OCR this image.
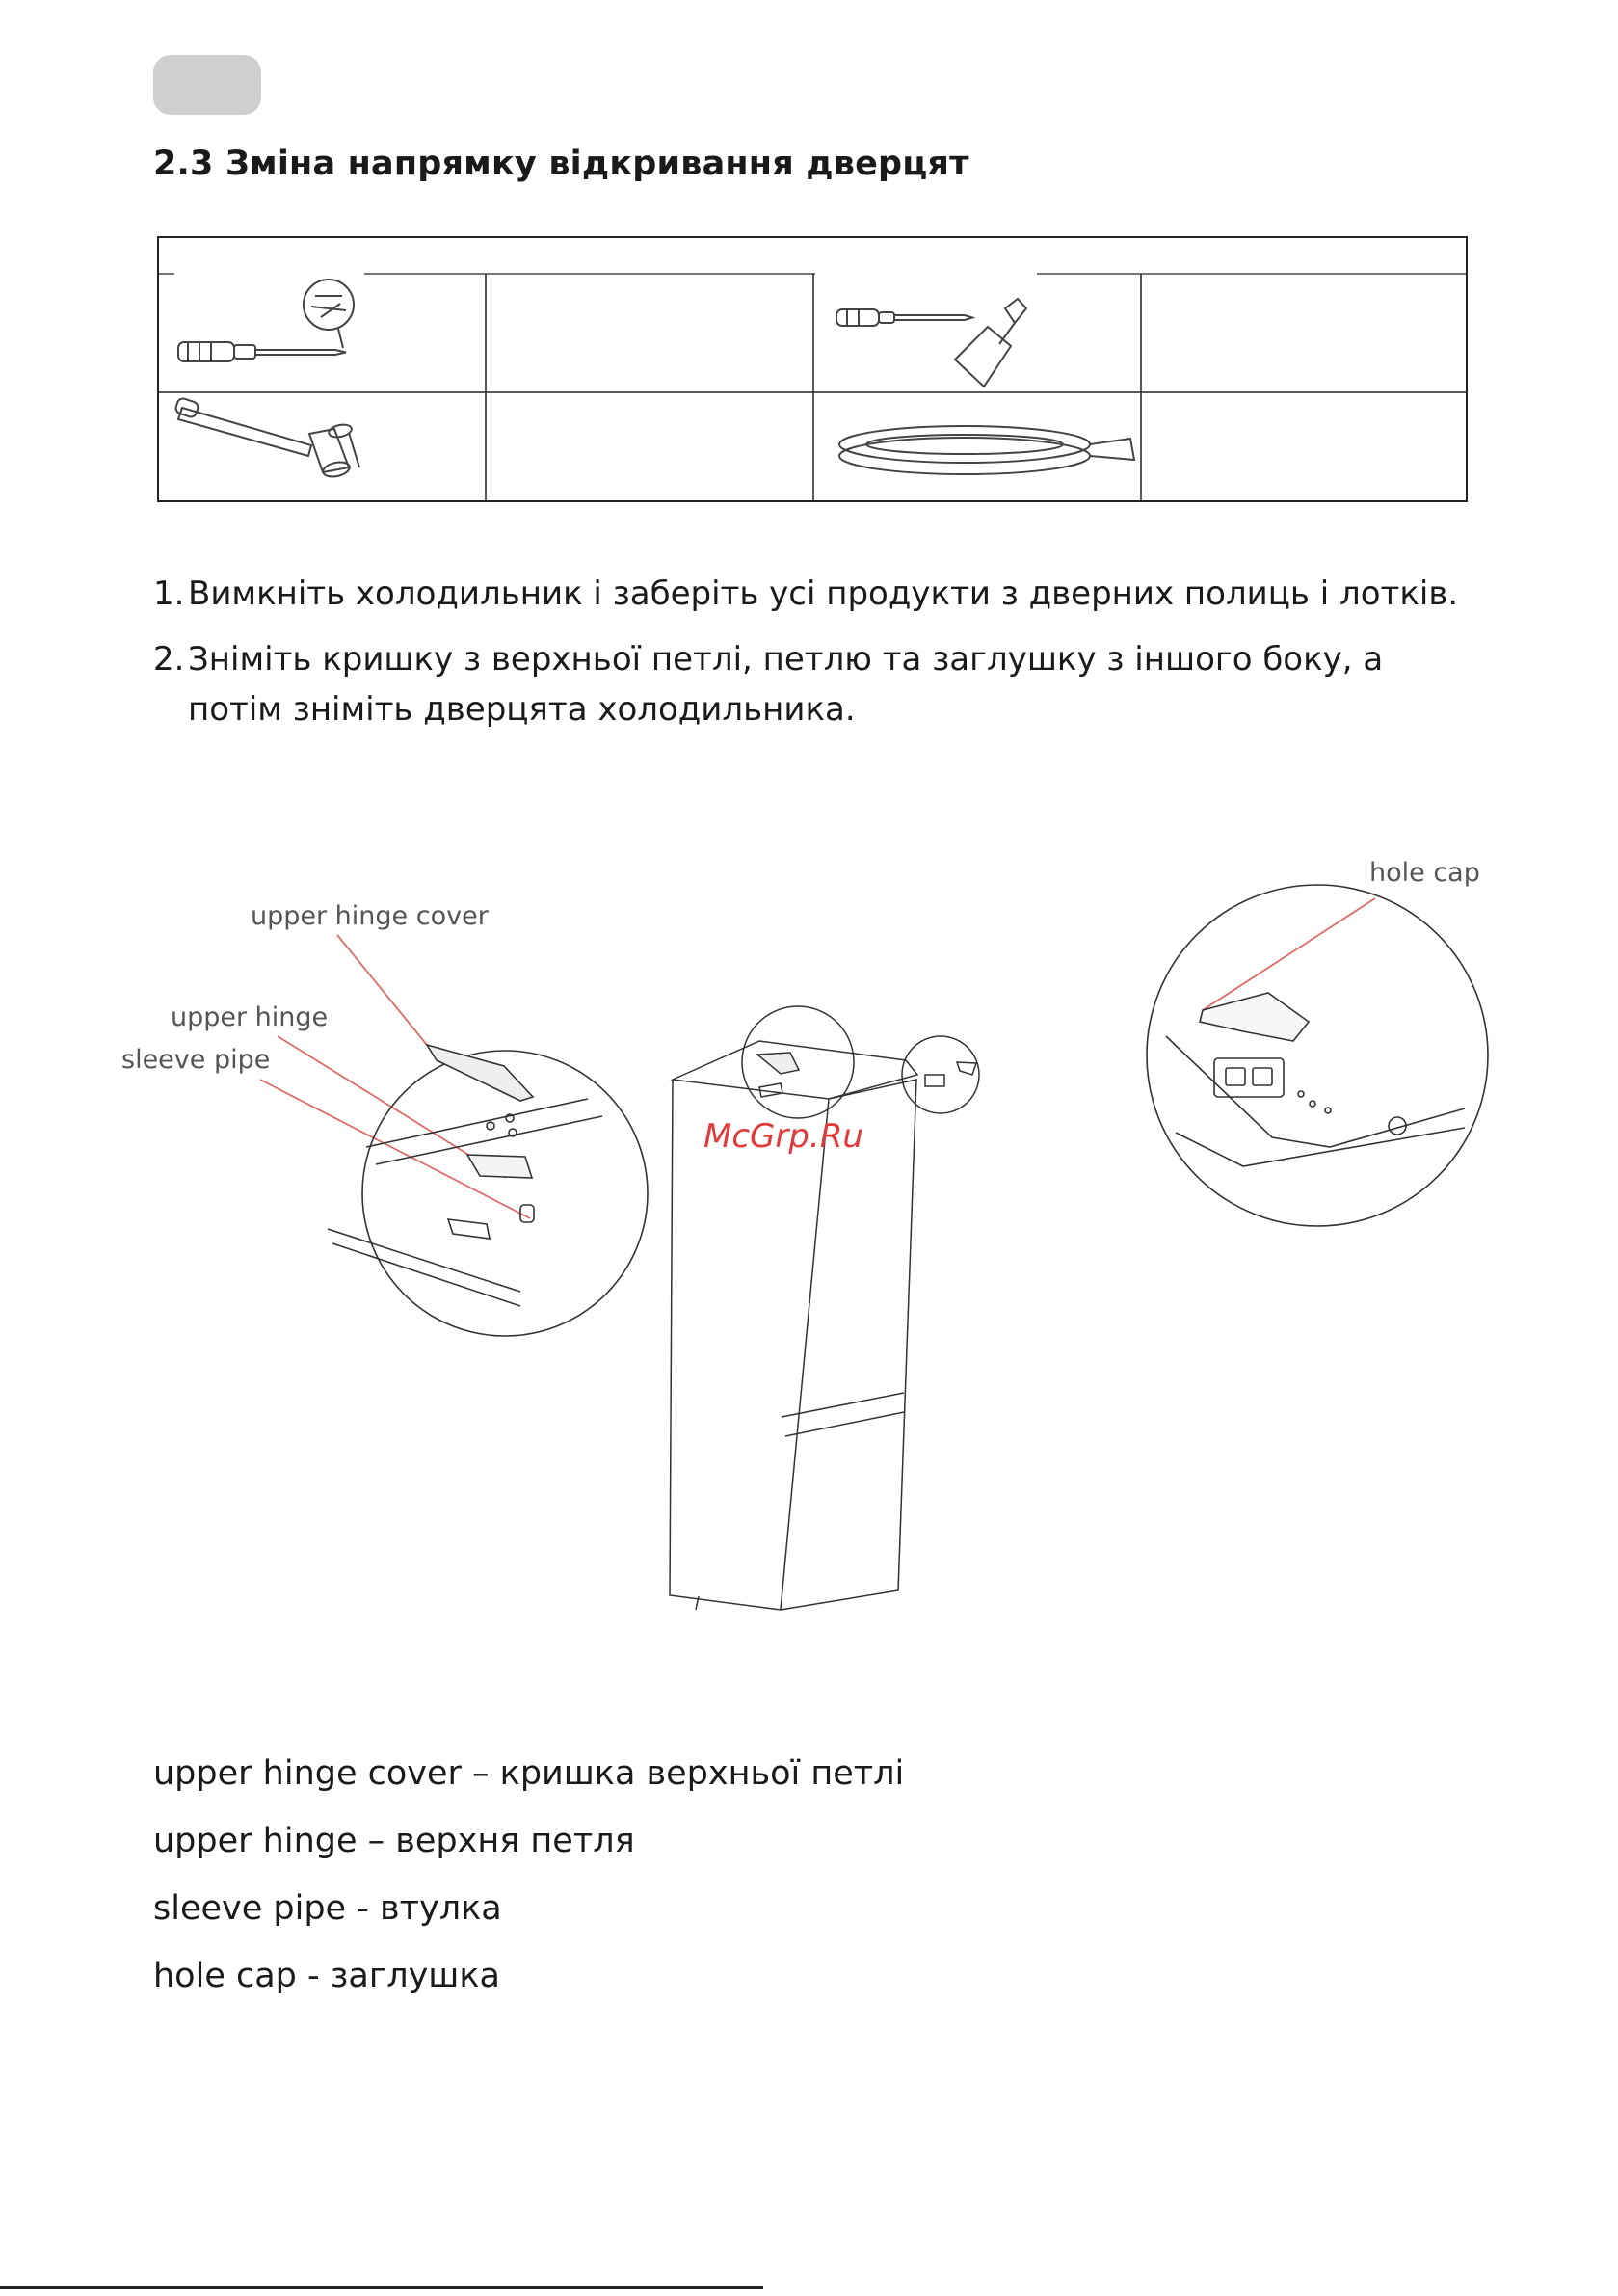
2.3 Зміна напрямку відкривання дверцят
1. Вимкніть холодильник і заберіть усі продукти з дверних полиць і лотків.
2. Зніміть кришку з верхньої петлі, петлю та заглушку з іншого боку, а потім зніміть дверцята холодильника.
upper hinge cover
upper hinge
sleeve pipe
hole cap
McGrp.Ru
upper hinge cover – кришка верхньої петлі
upper hinge – верхня петля
sleeve pipe - втулка
hole cap - заглушка
